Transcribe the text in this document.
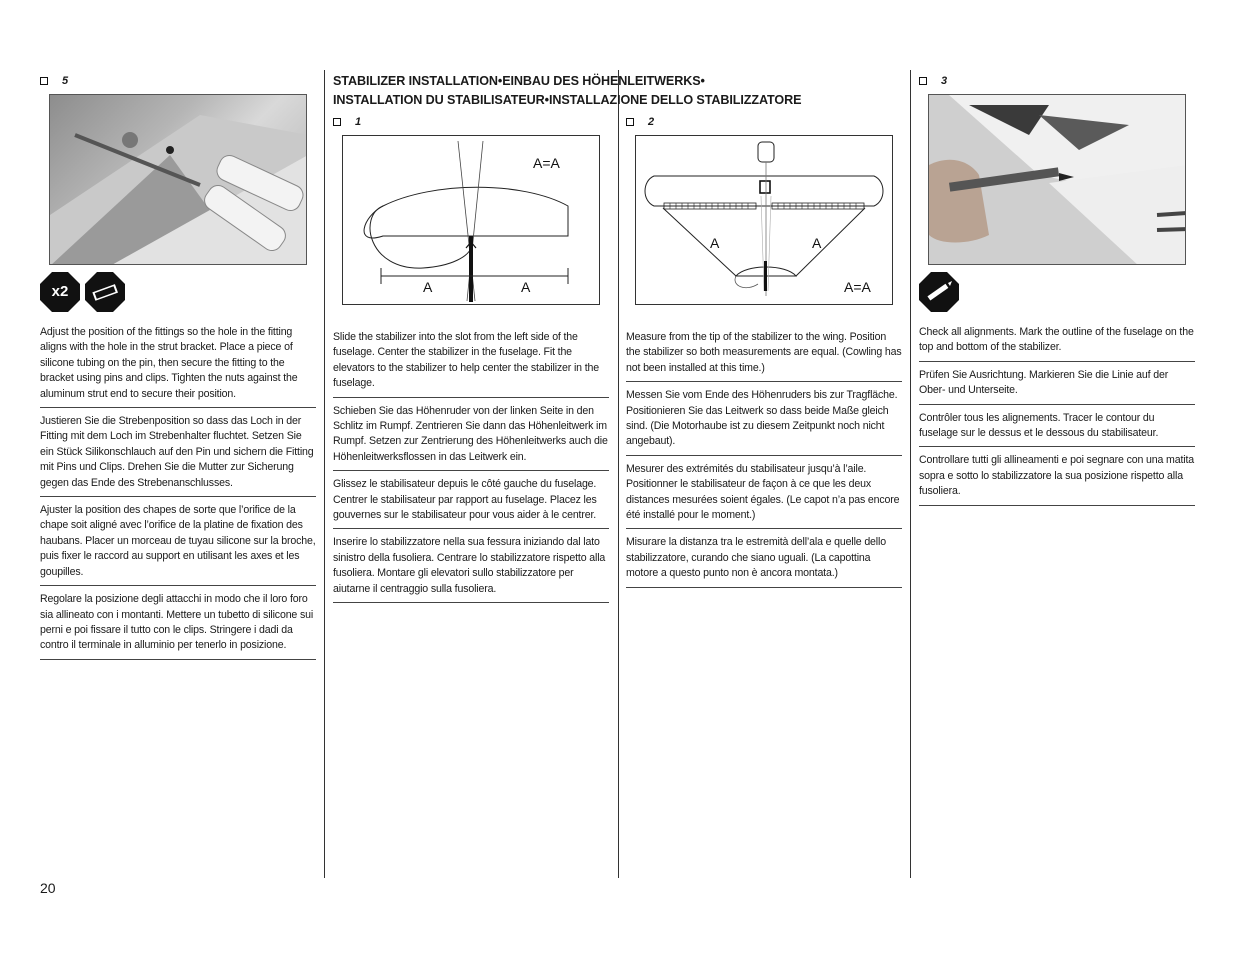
5
x2
Adjust the position of the fittings so the hole in the fitting aligns with the hole in the strut bracket. Place a piece of silicone tubing on the pin, then secure the fitting to the bracket using pins and clips. Tighten the nuts against the aluminum strut end to secure their position.
Justieren Sie die Strebenposition so dass das Loch in der Fitting mit dem Loch im Strebenhalter fluchtet. Setzen Sie ein Stück Silikonschlauch auf den Pin und sichern die Fitting mit Pins und Clips. Drehen Sie die Mutter zur Sicherung gegen das Ende des Strebenanschlusses.
Ajuster la position des chapes de sorte que l’orifice de la chape soit aligné avec l’orifice de la platine de fixation des haubans. Placer un morceau de tuyau silicone sur la broche, puis fixer le raccord au support en utilisant les axes et les goupilles.
Regolare la posizione degli attacchi in modo che il loro foro sia allineato con i montanti. Mettere un tubetto di silicone sui perni e poi fissare il tutto con le clips. Stringere i dadi da contro il terminale in alluminio per tenerlo in posizione.
STABILIZER INSTALLATION•EINBAU DES HÖHENLEITWERKS•
INSTALLATION DU STABILISATEUR•INSTALLAZIONE DELLO STABILIZZATORE
1
A=A
A	A
Slide the stabilizer into the slot from the left side of the fuselage. Center the stabilizer in the fuselage. Fit the elevators to the stabilizer to help center the stabilizer in the fuselage.
Schieben Sie das Höhenruder von der linken Seite in den Schlitz im Rumpf. Zentrieren Sie dann das Höhenleitwerk im Rumpf. Setzen zur Zentrierung des Höhenleitwerks auch die Höhenleitwerksflossen in das Leitwerk ein.
Glissez le stabilisateur depuis le côté gauche du fuselage. Centrer le stabilisateur par rapport au fuselage. Placez les gouvernes sur le stabilisateur pour vous aider à le centrer.
Inserire lo stabilizzatore nella sua fessura iniziando dal lato sinistro della fusoliera. Centrare lo stabilizzatore rispetto alla fusoliera. Montare gli elevatori sullo stabilizzatore per aiutarne il centraggio sulla fusoliera.
2
A	A
A=A
Measure from the tip of the stabilizer to the wing. Position the stabilizer so both measurements are equal. (Cowling has not been installed at this time.)
Messen Sie vom Ende des Höhenruders bis zur Tragfläche. Positionieren Sie das Leitwerk so dass beide Maße gleich sind. (Die Motorhaube ist zu diesem Zeitpunkt noch nicht angebaut).
Mesurer des extrémités du stabilisateur jusqu’à l’aile. Positionner le stabilisateur de façon à ce que les deux distances mesurées soient égales. (Le capot n’a pas encore été installé pour le moment.)
Misurare la distanza tra le estremità dell’ala e quelle dello stabilizzatore, curando che siano uguali. (La capottina motore a questo punto non è ancora montata.)
3
Check all alignments. Mark the outline of the fuselage on the top and bottom of the stabilizer.
Prüfen Sie Ausrichtung. Markieren Sie die Linie auf der Ober- und Unterseite.
Contrôler tous les alignements. Tracer le contour du fuselage sur le dessus et le dessous du stabilisateur.
Controllare tutti gli allineamenti e poi segnare con una matita sopra e sotto lo stabilizzatore la sua posizione rispetto alla fusoliera.
20
